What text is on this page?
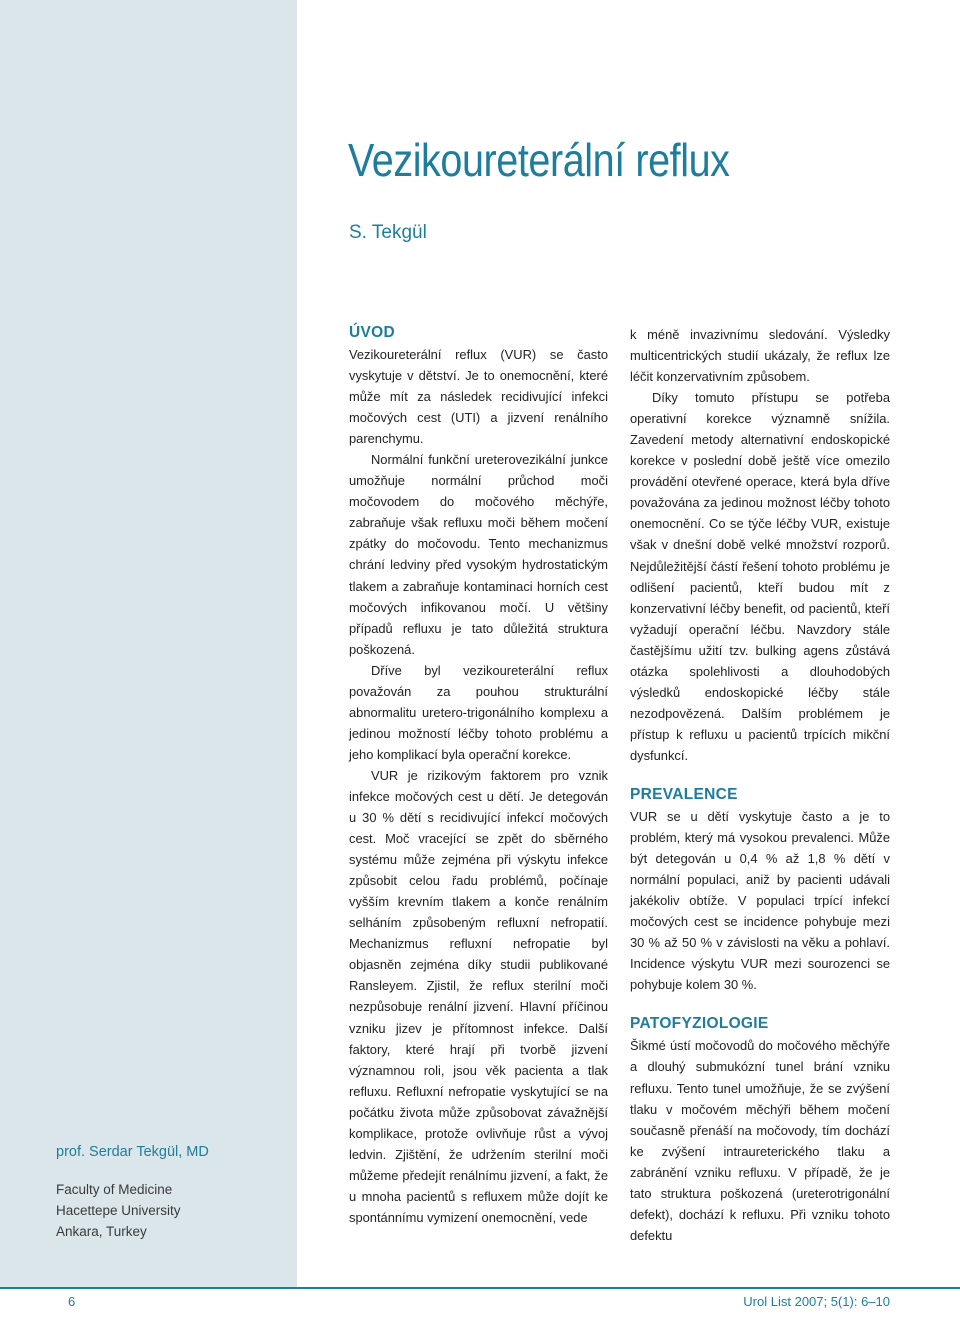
prof. Serdar Tekgül, MD

Faculty of Medicine
Hacettepe University
Ankara, Turkey
Vezikoureterální reflux

S. Tekgül

ÚVOD

Vezikoureterální reflux (VUR) se často vyskytuje v dětství. Je to onemocnění, které může mít za následek recidivující infekci močových cest (UTI) a jizvení renálního parenchymu.

Normální funkční ureterovezikální junkce umožňuje normální průchod moči močovodem do močového měchýře, zabraňuje však refluxu moči během močení zpátky do močovodu. Tento mechanizmus chrání ledviny před vysokým hydrostatickým tlakem a zabraňuje kontaminaci horních cest močových infikovanou močí. U většiny případů refluxu je tato důležitá struktura poškozená.

Dříve byl vezikoureterální reflux považován za pouhou strukturální abnormalitu uretero-trigonálního komplexu a jedinou možností léčby tohoto problému a jeho komplikací byla operační korekce.

VUR je rizikovým faktorem pro vznik infekce močových cest u dětí. Je detegován u 30 % dětí s recidivující infekcí močových cest. Moč vracející se zpět do sběrného systému může zejména při výskytu infekce způsobit celou řadu problémů, počínaje vyšším krevním tlakem a konče renálním selháním způsobeným refluxní nefropatií. Mechanizmus refluxní nefropatie byl objasněn zejména díky studii publikované Ransleyem. Zjistil, že reflux sterilní moči nezpůsobuje renální jizvení. Hlavní příčinou vzniku jizev je přítomnost infekce. Další faktory, které hrají při tvorbě jizvení významnou roli, jsou věk pacienta a tlak refluxu. Refluxní nefropatie vyskytující se na počátku života může způsobovat závažnější komplikace, protože ovlivňuje růst a vývoj ledvin. Zjištění, že udržením sterilní moči můžeme předejít renálnímu jizvení, a fakt, že u mnoha pacientů s refluxem může dojít ke spontánnímu vymizení onemocnění, vede

k méně invazivnímu sledování. Výsledky multicentrických studií ukázaly, že reflux lze léčit konzervativním způsobem.

Díky tomuto přístupu se potřeba operativní korekce významně snížila. Zavedení metody alternativní endoskopické korekce v poslední době ještě více omezilo provádění otevřené operace, která byla dříve považována za jedinou možnost léčby tohoto onemocnění. Co se týče léčby VUR, existuje však v dnešní době velké množství rozporů. Nejdůležitější částí řešení tohoto problému je odlišení pacientů, kteří budou mít z konzervativní léčby benefit, od pacientů, kteří vyžadují operační léčbu. Navzdory stále častějšímu užití tzv. bulking agens zůstává otázka spolehlivosti a dlouhodobých výsledků endoskopické léčby stále nezodpovězená. Dalším problémem je přístup k refluxu u pacientů trpících mikční dysfunkcí.

PREVALENCE

VUR se u dětí vyskytuje často a je to problém, který má vysokou prevalenci. Může být detegován u 0,4 % až 1,8 % dětí v normální populaci, aniž by pacienti udávali jakékoliv obtíže. V populaci trpící infekcí močových cest se incidence pohybuje mezi 30 % až 50 % v závislosti na věku a pohlaví. Incidence výskytu VUR mezi sourozenci se pohybuje kolem 30 %.

PATOFYZIOLOGIE

Šikmé ústí močovodů do močového měchýře a dlouhý submukózní tunel brání vzniku refluxu. Tento tunel umožňuje, že se zvýšení tlaku v močovém měchýři během močení současně přenáší na močovody, tím dochází ke zvýšení intraureterického tlaku a zabránění vzniku refluxu. V případě, že je tato struktura poškozená (ureterotrigonální defekt), dochází k refluxu. Při vzniku tohoto defektu

6	Urol List 2007; 5(1): 6–10
